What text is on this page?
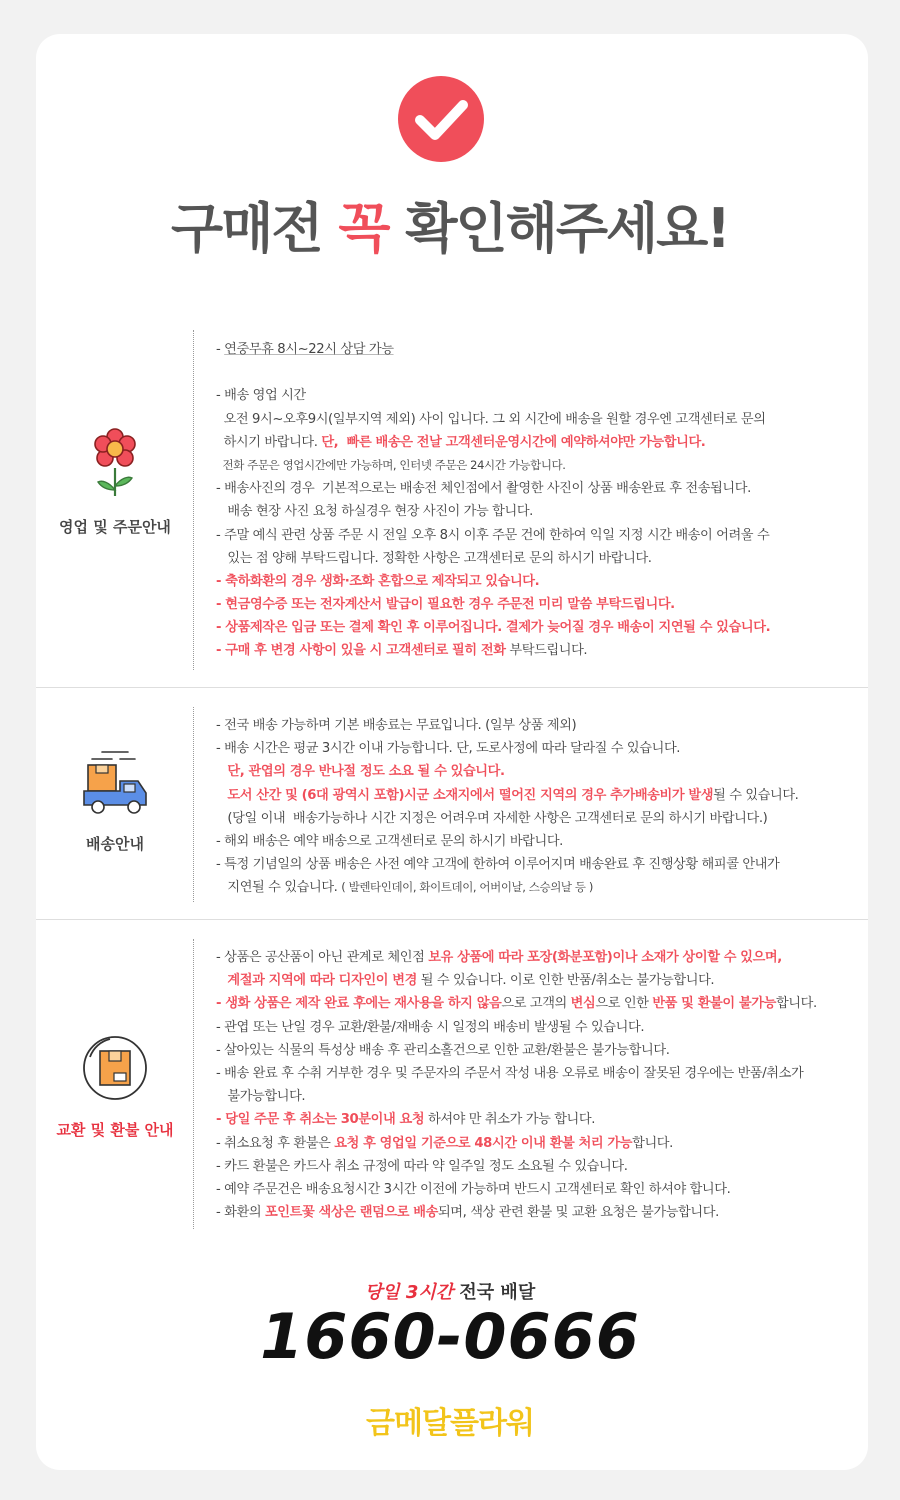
구매전 꼭 확인해주세요!
영업 및 주문안내
- 연중무휴 8시~22시 상담 가능
- 배송 영업 시간
오전 9시~오후9시(일부지역 제외) 사이 입니다. 그 외 시간에 배송을 원할 경우엔 고객센터로 문의
하시기 바랍니다. 단,  빠른 배송은 전날 고객센터운영시간에 예약하셔야만 가능합니다.
전화 주문은 영업시간에만 가능하며, 인터넷 주문은 24시간 가능합니다.
- 배송사진의 경우  기본적으로는 배송전 체인점에서 촬영한 사진이 상품 배송완료 후 전송됩니다.
배송 현장 사진 요청 하실경우 현장 사진이 가능 합니다.
- 주말 예식 관련 상품 주문 시 전일 오후 8시 이후 주문 건에 한하여 익일 지정 시간 배송이 어려울 수
있는 점 양해 부탁드립니다. 정확한 사항은 고객센터로 문의 하시기 바랍니다.
- 축하화환의 경우 생화·조화 혼합으로 제작되고 있습니다.
- 현금영수증 또는 전자계산서 발급이 필요한 경우 주문전 미리 말씀 부탁드립니다.
- 상품제작은 입금 또는 결제 확인 후 이루어집니다. 결제가 늦어질 경우 배송이 지연될 수 있습니다.
- 구매 후 변경 사항이 있을 시 고객센터로 필히 전화 부탁드립니다.
배송안내
- 전국 배송 가능하며 기본 배송료는 무료입니다. (일부 상품 제외)
- 배송 시간은 평균 3시간 이내 가능합니다. 단, 도로사정에 따라 달라질 수 있습니다.
단, 관엽의 경우 반나절 정도 소요 될 수 있습니다.
도서 산간 및 (6대 광역시 포함)시군 소재지에서 떨어진 지역의 경우 추가배송비가 발생될 수 있습니다.
(당일 이내  배송가능하나 시간 지정은 어려우며 자세한 사항은 고객센터로 문의 하시기 바랍니다.)
- 해외 배송은 예약 배송으로 고객센터로 문의 하시기 바랍니다.
- 특정 기념일의 상품 배송은 사전 예약 고객에 한하여 이루어지며 배송완료 후 진행상황 해피콜 안내가
지연될 수 있습니다. ( 발렌타인데이, 화이트데이, 어버이날, 스승의날 등 )
교환 및 환불 안내
- 상품은 공산품이 아닌 관계로 체인점 보유 상품에 따라 포장(화분포함)이나 소재가 상이할 수 있으며,
계절과 지역에 따라 디자인이 변경 될 수 있습니다. 이로 인한 반품/취소는 불가능합니다.
- 생화 상품은 제작 완료 후에는 재사용을 하지 않음으로 고객의 변심으로 인한 반품 및 환불이 불가능합니다.
- 관엽 또는 난일 경우 교환/환불/재배송 시 일정의 배송비 발생될 수 있습니다.
- 살아있는 식물의 특성상 배송 후 관리소홀건으로 인한 교환/환불은 불가능합니다.
- 배송 완료 후 수취 거부한 경우 및 주문자의 주문서 작성 내용 오류로 배송이 잘못된 경우에는 반품/취소가
불가능합니다.
- 당일 주문 후 취소는 30분이내 요청 하셔야 만 취소가 가능 합니다.
- 취소요청 후 환불은 요청 후 영업일 기준으로 48시간 이내 환불 처리 가능합니다.
- 카드 환불은 카드사 취소 규정에 따라 약 일주일 정도 소요될 수 있습니다.
- 예약 주문건은 배송요청시간 3시간 이전에 가능하며 반드시 고객센터로 확인 하셔야 합니다.
- 화환의 포인트꽃 색상은 랜덤으로 배송되며, 색상 관련 환불 및 교환 요청은 불가능합니다.
당일 3시간 전국 배달
1660-0666
금메달플라워
